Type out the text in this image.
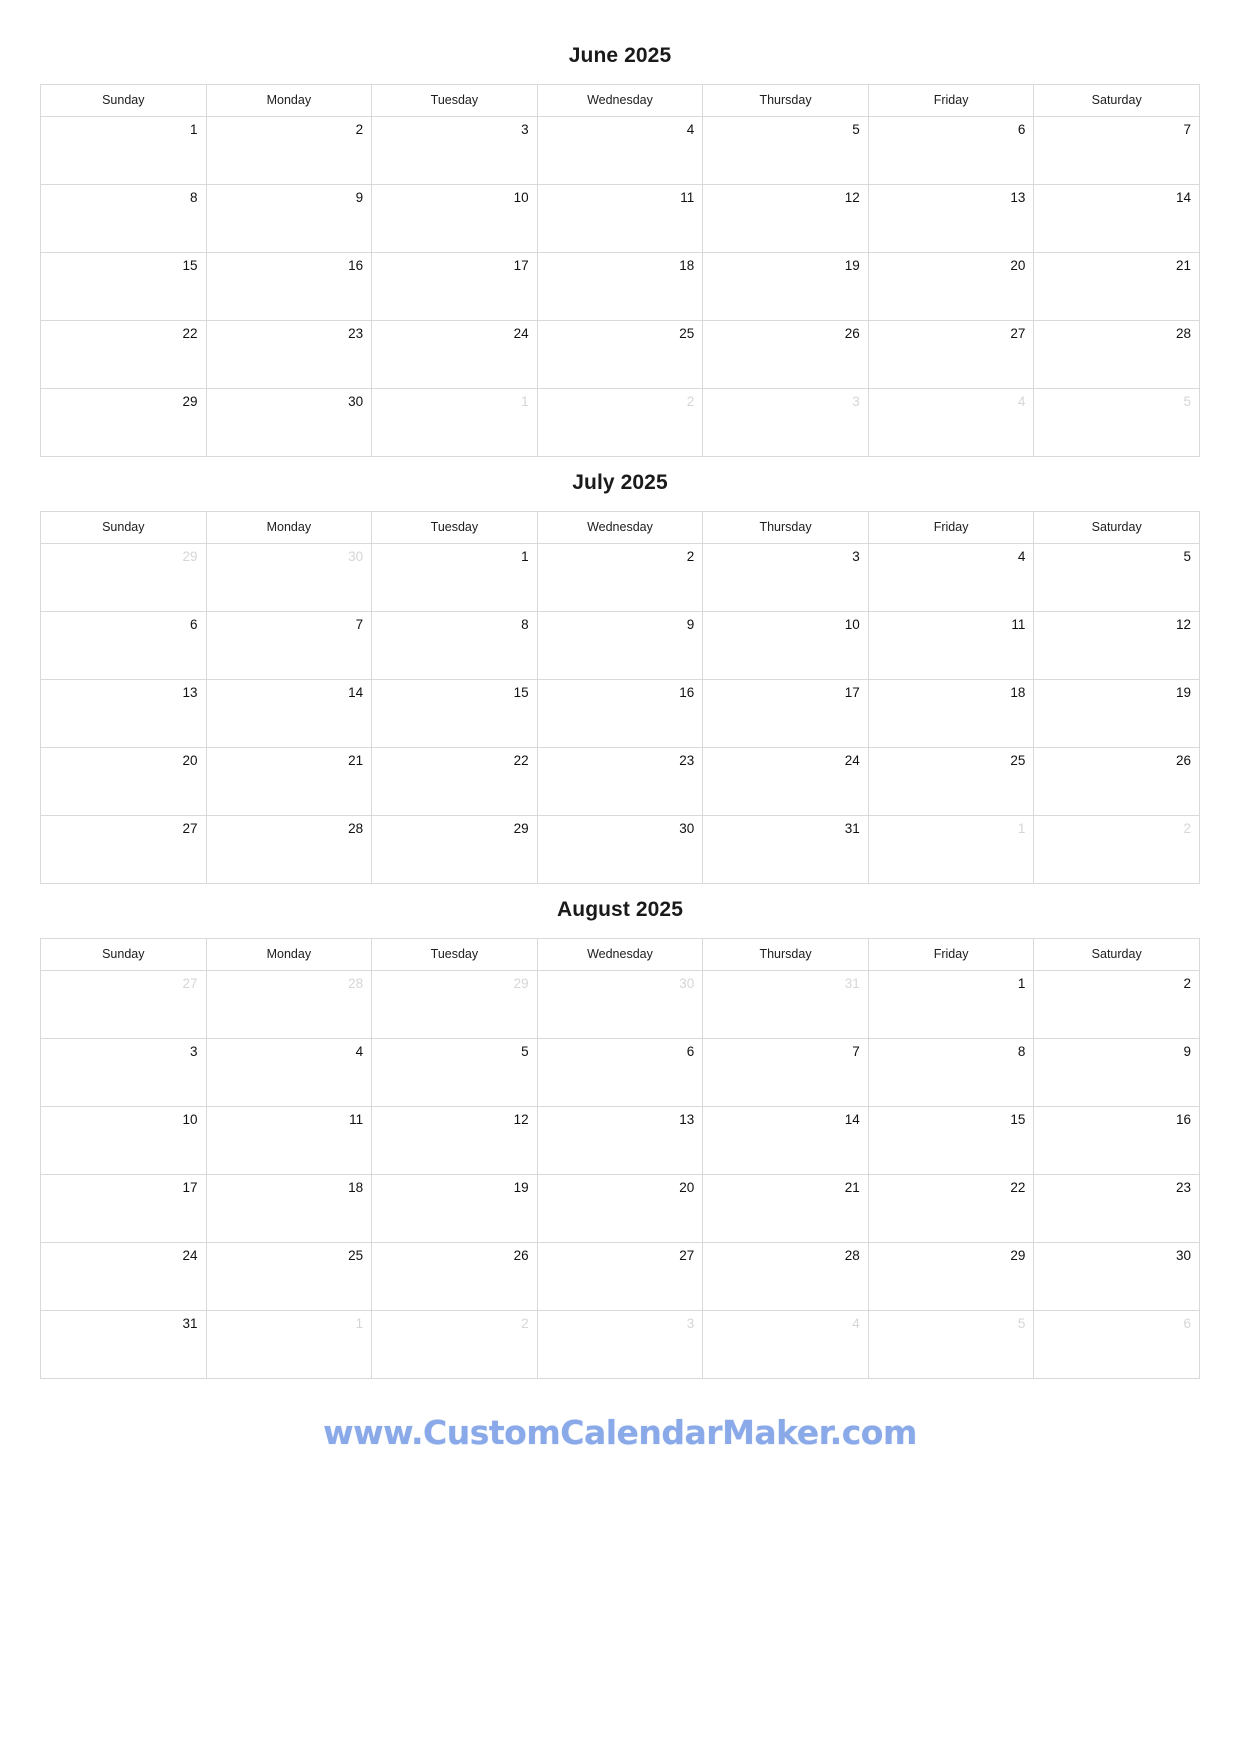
June 2025
Sunday	Monday	Tuesday	Wednesday	Thursday	Friday	Saturday
1	2	3	4	5	6	7
8	9	10	11	12	13	14
15	16	17	18	19	20	21
22	23	24	25	26	27	28
29	30	1	2	3	4	5
July 2025
Sunday	Monday	Tuesday	Wednesday	Thursday	Friday	Saturday
29	30	1	2	3	4	5
6	7	8	9	10	11	12
13	14	15	16	17	18	19
20	21	22	23	24	25	26
27	28	29	30	31	1	2
August 2025
Sunday	Monday	Tuesday	Wednesday	Thursday	Friday	Saturday
27	28	29	30	31	1	2
3	4	5	6	7	8	9
10	11	12	13	14	15	16
17	18	19	20	21	22	23
24	25	26	27	28	29	30
31	1	2	3	4	5	6
www.CustomCalendarMaker.com
